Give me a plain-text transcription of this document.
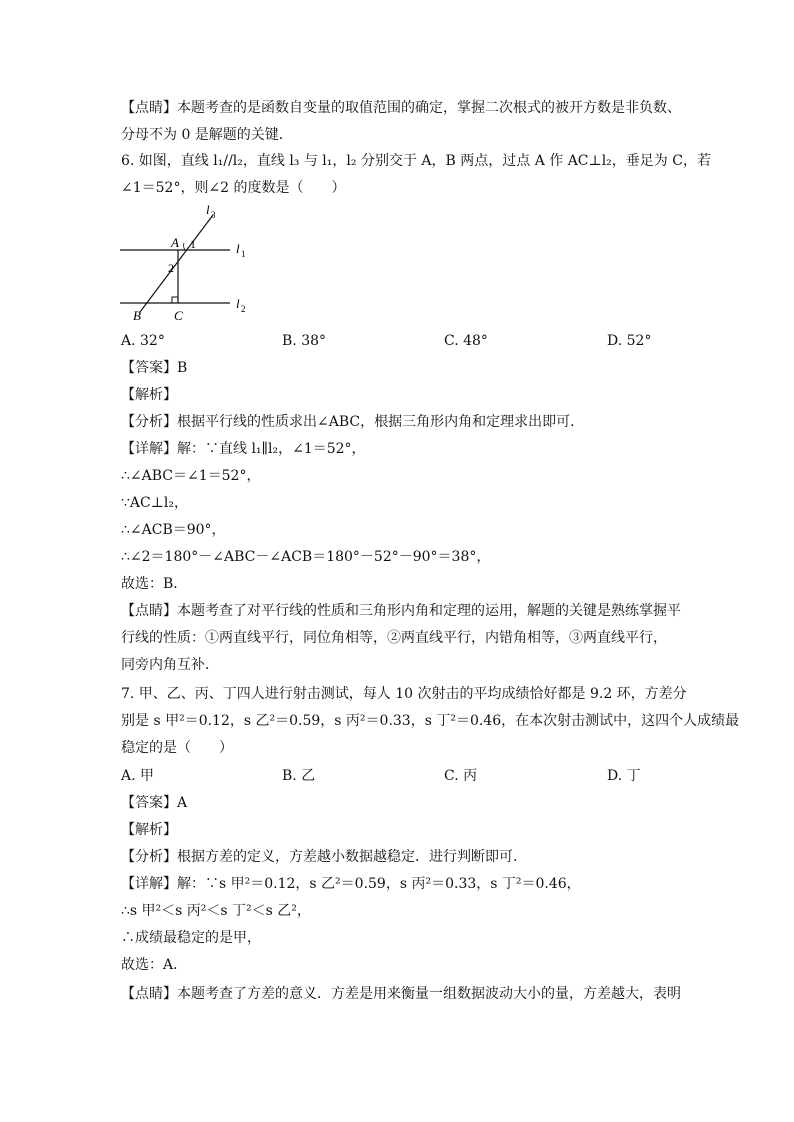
【点睛】本题考查的是函数自变量的取值范围的确定，掌握二次根式的被开方数是非负数、
分母不为 0 是解题的关键．
6. 如图，直线 l₁//l₂，直线 l₃ 与 l₁，l₂ 分别交于 A，B 两点，过点 A 作 AC⊥l₂，垂足为 C，若
∠1＝52°，则∠2 的度数是（　　）
A 1
2
B	C
l 3
l 1
l 2
A. 32°	B. 38°	C. 48°	D. 52°
【答案】B
【解析】
【分析】根据平行线的性质求出∠ABC，根据三角形内角和定理求出即可．
【详解】解：∵直线 l₁∥l₂，∠1＝52°，
∴∠ABC＝∠1＝52°，
∵AC⊥l₂，
∴∠ACB＝90°，
∴∠2＝180°－∠ABC－∠ACB＝180°－52°－90°＝38°，
故选：B．
【点睛】本题考查了对平行线的性质和三角形内角和定理的运用，解题的关键是熟练掌握平
行线的性质：①两直线平行，同位角相等，②两直线平行，内错角相等，③两直线平行，
同旁内角互补．
7. 甲、乙、丙、丁四人进行射击测试，每人 10 次射击的平均成绩恰好都是 9.2 环，方差分
别是 s 甲²＝0.12，s 乙²＝0.59，s 丙²＝0.33，s 丁²＝0.46，在本次射击测试中，这四个人成绩最
稳定的是（　　）
A. 甲	B. 乙	C. 丙	D. 丁
【答案】A
【解析】
【分析】根据方差的定义，方差越小数据越稳定．进行判断即可．
【详解】解：∵s 甲²＝0.12，s 乙²＝0.59，s 丙²＝0.33，s 丁²＝0.46，
∴s 甲²＜s 丙²＜s 丁²＜s 乙²，
∴成绩最稳定的是甲，
故选：A．
【点睛】本题考查了方差的意义．方差是用来衡量一组数据波动大小的量，方差越大，表明
